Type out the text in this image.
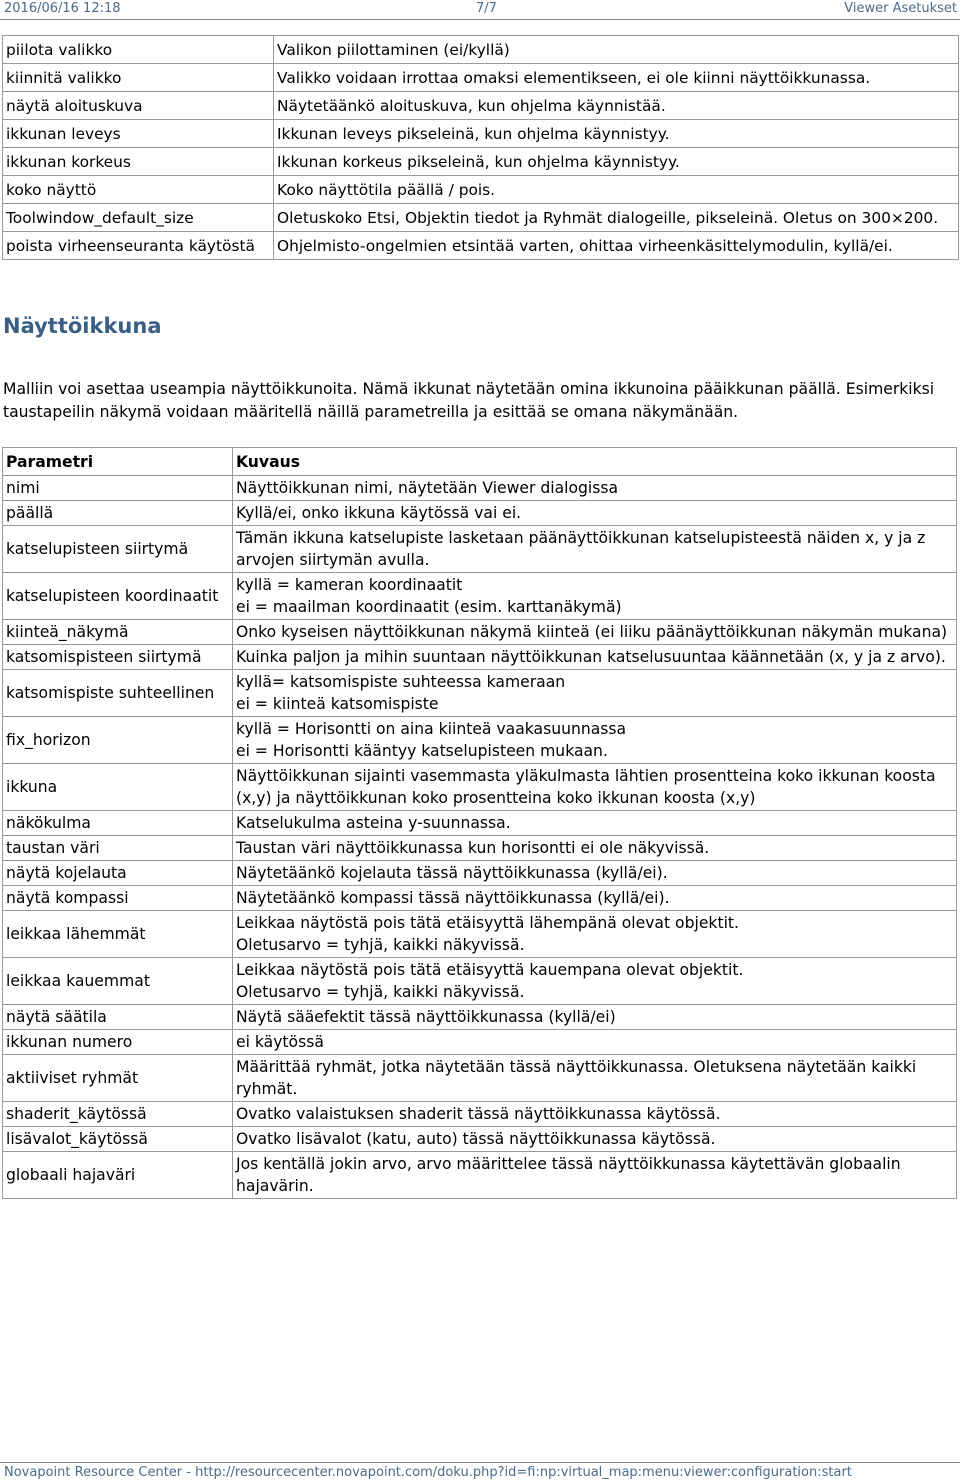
2016/06/16 12:18	7/7	Viewer Asetukset
piilota valikko	Valikon piilottaminen (ei/kyllä)
kiinnitä valikko	Valikko voidaan irrottaa omaksi elementikseen, ei ole kiinni näyttöikkunassa.
näytä aloituskuva	Näytetäänkö aloituskuva, kun ohjelma käynnistää.
ikkunan leveys	Ikkunan leveys pikseleinä, kun ohjelma käynnistyy.
ikkunan korkeus	Ikkunan korkeus pikseleinä, kun ohjelma käynnistyy.
koko näyttö	Koko näyttötila päällä / pois.
Toolwindow_default_size	Oletuskoko Etsi, Objektin tiedot ja Ryhmät dialogeille, pikseleinä. Oletus on 300×200.
poista virheenseuranta käytöstä	Ohjelmisto-ongelmien etsintää varten, ohittaa virheenkäsittelymodulin, kyllä/ei.
Näyttöikkuna

Malliin voi asettaa useampia näyttöikkunoita. Nämä ikkunat näytetään omina ikkunoina pääikkunan päällä. Esimerkiksi taustapeilin näkymä voidaan määritellä näillä parametreilla ja esittää se omana näkymänään.

Parametri	Kuvaus
nimi	Näyttöikkunan nimi, näytetään Viewer dialogissa
päällä	Kyllä/ei, onko ikkuna käytössä vai ei.
katselupisteen siirtymä	Tämän ikkuna katselupiste lasketaan päänäyttöikkunan katselupisteestä näiden x, y ja z arvojen siirtymän avulla.
katselupisteen koordinaatit	kyllä = kameran koordinaatit
ei = maailman koordinaatit (esim. karttanäkymä)
kiinteä_näkymä	Onko kyseisen näyttöikkunan näkymä kiinteä (ei liiku päänäyttöikkunan näkymän mukana)
katsomispisteen siirtymä	Kuinka paljon ja mihin suuntaan näyttöikkunan katselusuuntaa käännetään (x, y ja z arvo).
katsomispiste suhteellinen	kyllä= katsomispiste suhteessa kameraan
ei = kiinteä katsomispiste
fix_horizon	kyllä = Horisontti on aina kiinteä vaakasuunnassa
ei = Horisontti kääntyy katselupisteen mukaan.
ikkuna	Näyttöikkunan sijainti vasemmasta yläkulmasta lähtien prosentteina koko ikkunan koosta (x,y) ja näyttöikkunan koko prosentteina koko ikkunan koosta (x,y)
näkökulma	Katselukulma asteina y-suunnassa.
taustan väri	Taustan väri näyttöikkunassa kun horisontti ei ole näkyvissä.
näytä kojelauta	Näytetäänkö kojelauta tässä näyttöikkunassa (kyllä/ei).
näytä kompassi	Näytetäänkö kompassi tässä näyttöikkunassa (kyllä/ei).
leikkaa lähemmät	Leikkaa näytöstä pois tätä etäisyyttä lähempänä olevat objektit.
Oletusarvo = tyhjä, kaikki näkyvissä.
leikkaa kauemmat	Leikkaa näytöstä pois tätä etäisyyttä kauempana olevat objektit.
Oletusarvo = tyhjä, kaikki näkyvissä.
näytä säätila	Näytä sääefektit tässä näyttöikkunassa (kyllä/ei)
ikkunan numero	ei käytössä
aktiiviset ryhmät	Määrittää ryhmät, jotka näytetään tässä näyttöikkunassa. Oletuksena näytetään kaikki ryhmät.
shaderit_käytössä	Ovatko valaistuksen shaderit tässä näyttöikkunassa käytössä.
lisävalot_käytössä	Ovatko lisävalot (katu, auto) tässä näyttöikkunassa käytössä.
globaali hajaväri	Jos kentällä jokin arvo, arvo määrittelee tässä näyttöikkunassa käytettävän globaalin hajavärin.
Novapoint Resource Center - http://resourcecenter.novapoint.com/doku.php?id=fi:np:virtual_map:menu:viewer:configuration:start
